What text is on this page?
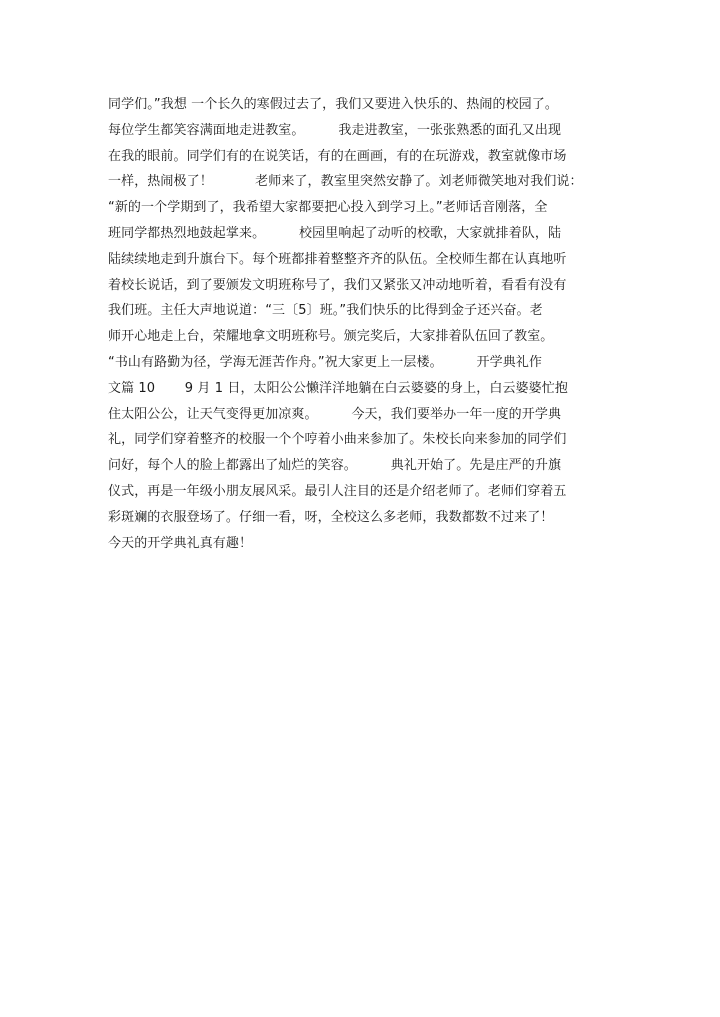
同学们。”我想 一个长久的寒假过去了，我们又要进入快乐的、热闹的校园了。
每位学生都笑容满面地走进教室。        我走进教室，一张张熟悉的面孔又出现
在我的眼前。同学们有的在说笑话，有的在画画，有的在玩游戏，教室就像市场
一样，热闹极了！          老师来了，教室里突然安静了。刘老师微笑地对我们说：
“新的一个学期到了，我希望大家都要把心投入到学习上。”老师话音刚落，全
班同学都热烈地鼓起掌来。        校园里响起了动听的校歌，大家就排着队，陆
陆续续地走到升旗台下。每个班都排着整整齐齐的队伍。全校师生都在认真地听
着校长说话，到了要颁发文明班称号了，我们又紧张又冲动地听着，看看有没有
我们班。主任大声地说道：“三〔5〕班。”我们快乐的比得到金子还兴奋。老
师开心地走上台，荣耀地拿文明班称号。颁完奖后，大家排着队伍回了教室。
“书山有路勤为径，学海无涯苦作舟。”祝大家更上一层楼。        开学典礼作
文篇 10       9 月 1 日，太阳公公懒洋洋地躺在白云婆婆的身上，白云婆婆忙抱
住太阳公公，让天气变得更加凉爽。        今天，我们要举办一年一度的开学典
礼，同学们穿着整齐的校服一个个哼着小曲来参加了。朱校长向来参加的同学们
问好，每个人的脸上都露出了灿烂的笑容。        典礼开始了。先是庄严的升旗
仪式，再是一年级小朋友展风采。最引人注目的还是介绍老师了。老师们穿着五
彩斑斓的衣服登场了。仔细一看，呀，全校这么多老师，我数都数不过来了！
今天的开学典礼真有趣！
